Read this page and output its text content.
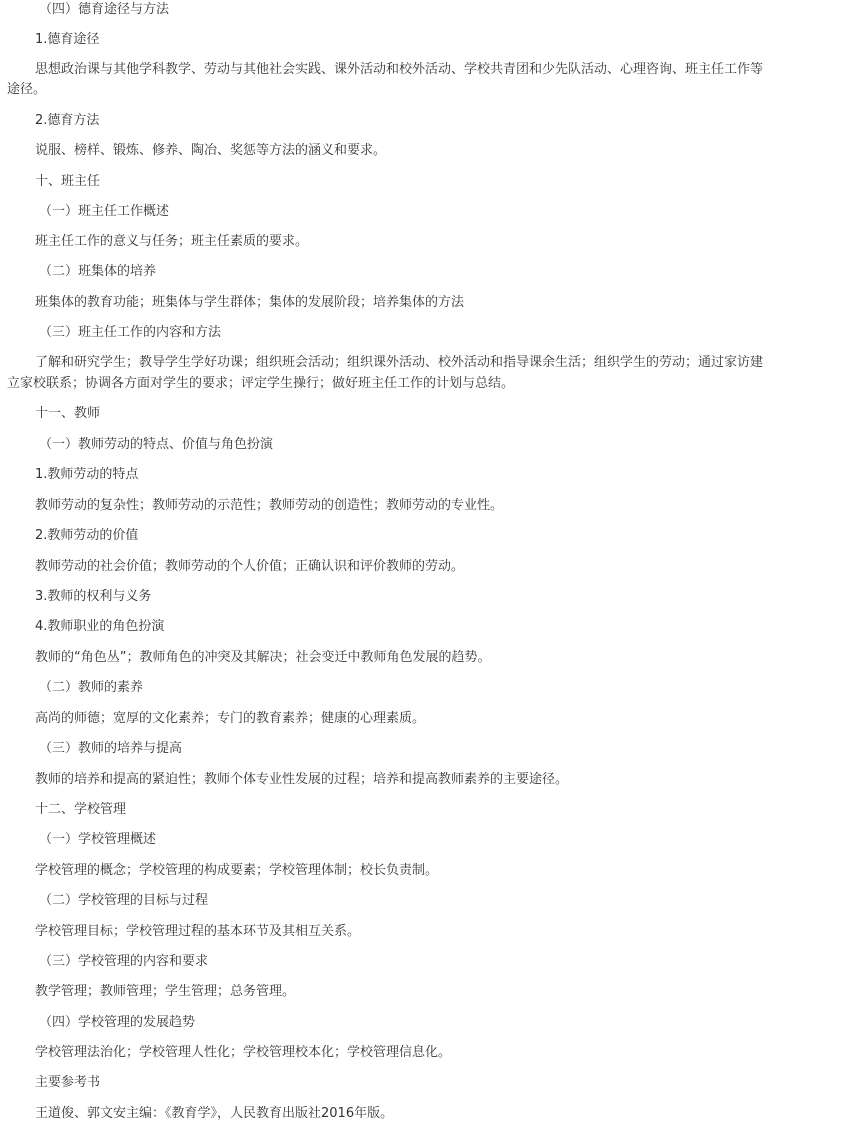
（四）德育途径与方法

1.德育途径

思想政治课与其他学科教学、劳动与其他社会实践、课外活动和校外活动、学校共青团和少先队活动、心理咨询、班主任工作等

途径。

2.德育方法

说服、榜样、锻炼、修养、陶冶、奖惩等方法的涵义和要求。

十、班主任

（一）班主任工作概述

班主任工作的意义与任务；班主任素质的要求。

（二）班集体的培养

班集体的教育功能；班集体与学生群体；集体的发展阶段；培养集体的方法

（三）班主任工作的内容和方法

了解和研究学生；教导学生学好功课；组织班会活动；组织课外活动、校外活动和指导课余生活；组织学生的劳动；通过家访建

立家校联系；协调各方面对学生的要求；评定学生操行；做好班主任工作的计划与总结。

十一、教师

（一）教师劳动的特点、价值与角色扮演

1.教师劳动的特点

教师劳动的复杂性；教师劳动的示范性；教师劳动的创造性；教师劳动的专业性。

2.教师劳动的价值

教师劳动的社会价值；教师劳动的个人价值；正确认识和评价教师的劳动。

3.教师的权利与义务

4.教师职业的角色扮演

教师的“角色丛”；教师角色的冲突及其解决；社会变迁中教师角色发展的趋势。

（二）教师的素养

高尚的师德；宽厚的文化素养；专门的教育素养；健康的心理素质。

（三）教师的培养与提高

教师的培养和提高的紧迫性；教师个体专业性发展的过程；培养和提高教师素养的主要途径。

十二、学校管理

（一）学校管理概述

学校管理的概念；学校管理的构成要素；学校管理体制；校长负责制。

（二）学校管理的目标与过程

学校管理目标；学校管理过程的基本环节及其相互关系。

（三）学校管理的内容和要求

教学管理；教师管理；学生管理；总务管理。

（四）学校管理的发展趋势

学校管理法治化；学校管理人性化；学校管理校本化；学校管理信息化。

主要参考书

王道俊、郭文安主编：《教育学》，人民教育出版社2016年版。
